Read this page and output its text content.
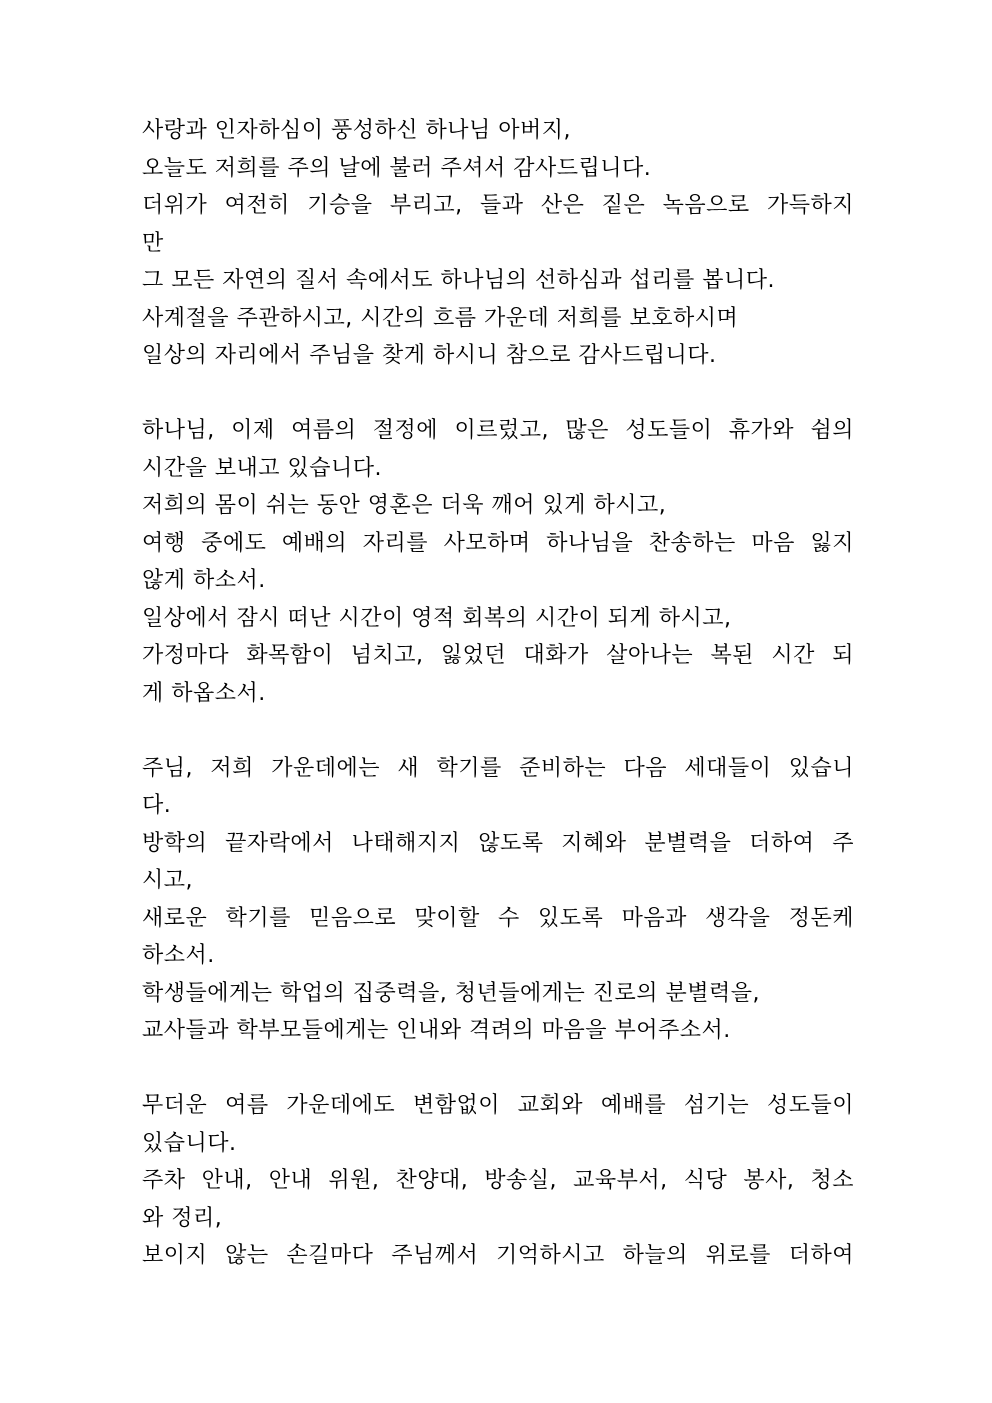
사랑과 인자하심이 풍성하신 하나님 아버지,
오늘도 저희를 주의 날에 불러 주셔서 감사드립니다.
더위가 여전히 기승을 부리고, 들과 산은 짙은 녹음으로 가득하지
만
그 모든 자연의 질서 속에서도 하나님의 선하심과 섭리를 봅니다.
사계절을 주관하시고, 시간의 흐름 가운데 저희를 보호하시며
일상의 자리에서 주님을 찾게 하시니 참으로 감사드립니다.
하나님, 이제 여름의 절정에 이르렀고, 많은 성도들이 휴가와 쉼의
시간을 보내고 있습니다.
저희의 몸이 쉬는 동안 영혼은 더욱 깨어 있게 하시고,
여행 중에도 예배의 자리를 사모하며 하나님을 찬송하는 마음 잃지
않게 하소서.
일상에서 잠시 떠난 시간이 영적 회복의 시간이 되게 하시고,
가정마다 화목함이 넘치고, 잃었던 대화가 살아나는 복된 시간 되
게 하옵소서.
주님, 저희 가운데에는 새 학기를 준비하는 다음 세대들이 있습니
다.
방학의 끝자락에서 나태해지지 않도록 지혜와 분별력을 더하여 주
시고,
새로운 학기를 믿음으로 맞이할 수 있도록 마음과 생각을 정돈케
하소서.
학생들에게는 학업의 집중력을, 청년들에게는 진로의 분별력을,
교사들과 학부모들에게는 인내와 격려의 마음을 부어주소서.
무더운 여름 가운데에도 변함없이 교회와 예배를 섬기는 성도들이
있습니다.
주차 안내, 안내 위원, 찬양대, 방송실, 교육부서, 식당 봉사, 청소
와 정리,
보이지 않는 손길마다 주님께서 기억하시고 하늘의 위로를 더하여
